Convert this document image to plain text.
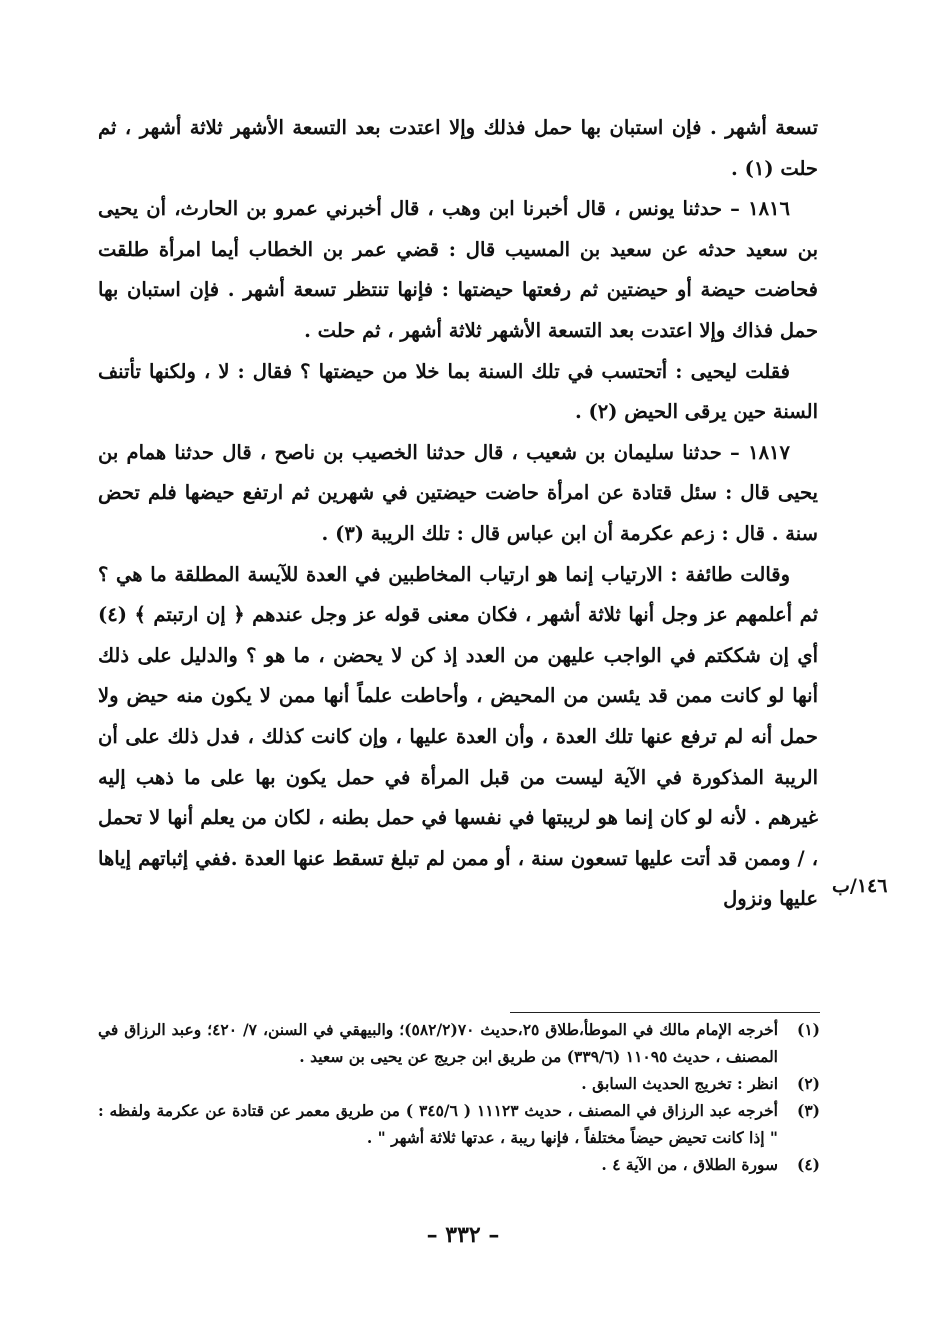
تسعة أشهر . فإن استبان بها حمل فذلك وإلا اعتدت بعد التسعة الأشهر ثلاثة أشهر ، ثم حلت (١) .

١٨١٦ – حدثنا يونس ، قال أخبرنا ابن وهب ، قال أخبرني عمرو بن الحارث، أن يحيى بن سعيد حدثه عن سعيد بن المسيب قال : قضي عمر بن الخطاب أيما امرأة طلقت فحاضت حيضة أو حيضتين ثم رفعتها حيضتها : فإنها تنتظر تسعة أشهر . فإن استبان بها حمل فذاك وإلا اعتدت بعد التسعة الأشهر ثلاثة أشهر ، ثم حلت .

فقلت ليحيى : أتحتسب في تلك السنة بما خلا من حيضتها ؟ فقال : لا ، ولكنها تأتنف السنة حين يرقى الحيض (٢) .

١٨١٧ – حدثنا سليمان بن شعيب ، قال حدثنا الخصيب بن ناصح ، قال حدثنا همام بن يحيى قال : سئل قتادة عن امرأة حاضت حيضتين في شهرين ثم ارتفع حيضها فلم تحض سنة . قال : زعم عكرمة أن ابن عباس قال : تلك الريبة (٣) .

وقالت طائفة : الارتياب إنما هو ارتياب المخاطبين في العدة للآيسة المطلقة ما هي ؟ ثم أعلمهم عز وجل أنها ثلاثة أشهر ، فكان معنى قوله عز وجل عندهم ﴿ إن ارتبتم ﴾ (٤) أي إن شككتم في الواجب عليهن من العدد إذ كن لا يحضن ، ما هو ؟ والدليل على ذلك أنها لو كانت ممن قد يئسن من المحيض ، وأحاطت علماً أنها ممن لا يكون منه حيض ولا حمل أنه لم ترفع عنها تلك العدة ، وأن العدة عليها ، وإن كانت كذلك ، فدل ذلك على أن الريبة المذكورة في الآية ليست من قبل المرأة في حمل يكون بها على ما ذهب إليه غيرهم . لأنه لو كان إنما هو لريبتها في نفسها في حمل بطنه ، لكان من يعلم أنها لا تحمل ، / وممن قد أتت عليها تسعون سنة ، أو ممن لم تبلغ تسقط عنها العدة .ففي إثباتهم إياها عليها ونزول

١٤٦/ب
(١)
أخرجه الإمام مالك في الموطأ،طلاق ٢٥،حديث ٧٠(٥٨٢/٢)؛ والبيهقي في السنن، ٧/ ٤٢٠؛ وعبد الرزاق في المصنف ، حديث ١١٠٩٥ (٣٣٩/٦) من طريق ابن جريج عن يحيى بن سعيد .
(٢)
انظر : تخريج الحديث السابق .
(٣)
أخرجه عبد الرزاق في المصنف ، حديث ١١١٢٣ ( ٣٤٥/٦ ) من طريق معمر عن قتادة عن عكرمة ولفظه : " إذا كانت تحيض حيضاً مختلفاً ، فإنها ريبة ، عدتها ثلاثة أشهر " .
(٤)
سورة الطلاق ، من الآية ٤ .
– ٣٣٢ –
